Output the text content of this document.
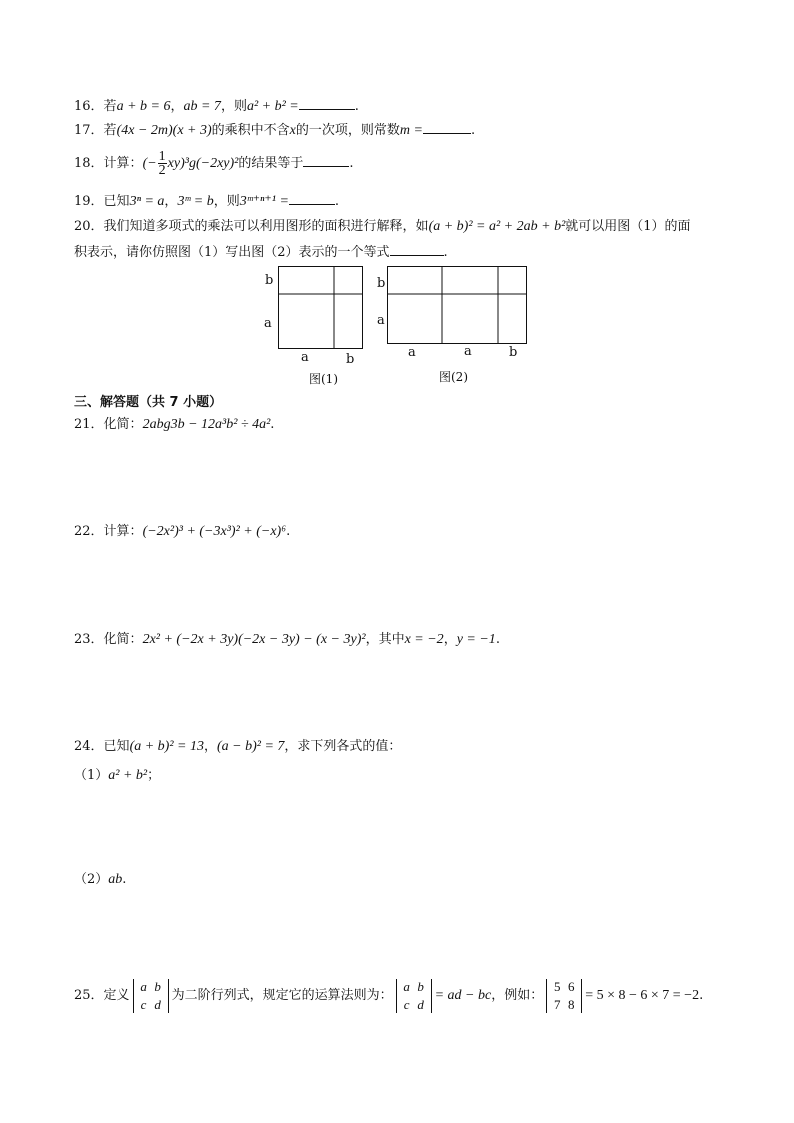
16．若a + b = 6，ab = 7，则a² + b² =	.
17．若(4x − 2m)(x + 3)的乘积中不含x的一次项，则常数m =	.
18．计算：(− $\frac{1}{2} xy)^3g(-2xy)^2$的结果等于	.
19．已知3ⁿ = a，3ᵐ = b，则3ᵐ⁺ⁿ⁺¹ =	.
20．我们知道多项式的乘法可以利用图形的面积进行解释，如(a + b)² = a² + 2ab + b²就可以用图（1）的面
积表示，请你仿照图（1）写出图（2）表示的一个等式	.
b
a
a	b
图(1)
b
a
a	a	b
图(2)
三、解答题（共 7 小题）
21．化简：2abg3b − 12a³b² ÷ 4a².
22．计算：(−2x²)³ + (−3x³)² + (−x)⁶.
23．化简：2x² + (−2x + 3y)(−2x − 3y) − (x − 3y)²，其中x = −2，y = −1.
24．已知(a + b)² = 13，(a − b)² = 7，求下列各式的值：
（1）a² + b²；
（2）ab.
25．定义
a b
c d
为二阶行列式，规定它的运算法则为：
a b
c d
= ad − bc，例如：
5 6
7 8
= 5 × 8 − 6 × 7 = −2.
